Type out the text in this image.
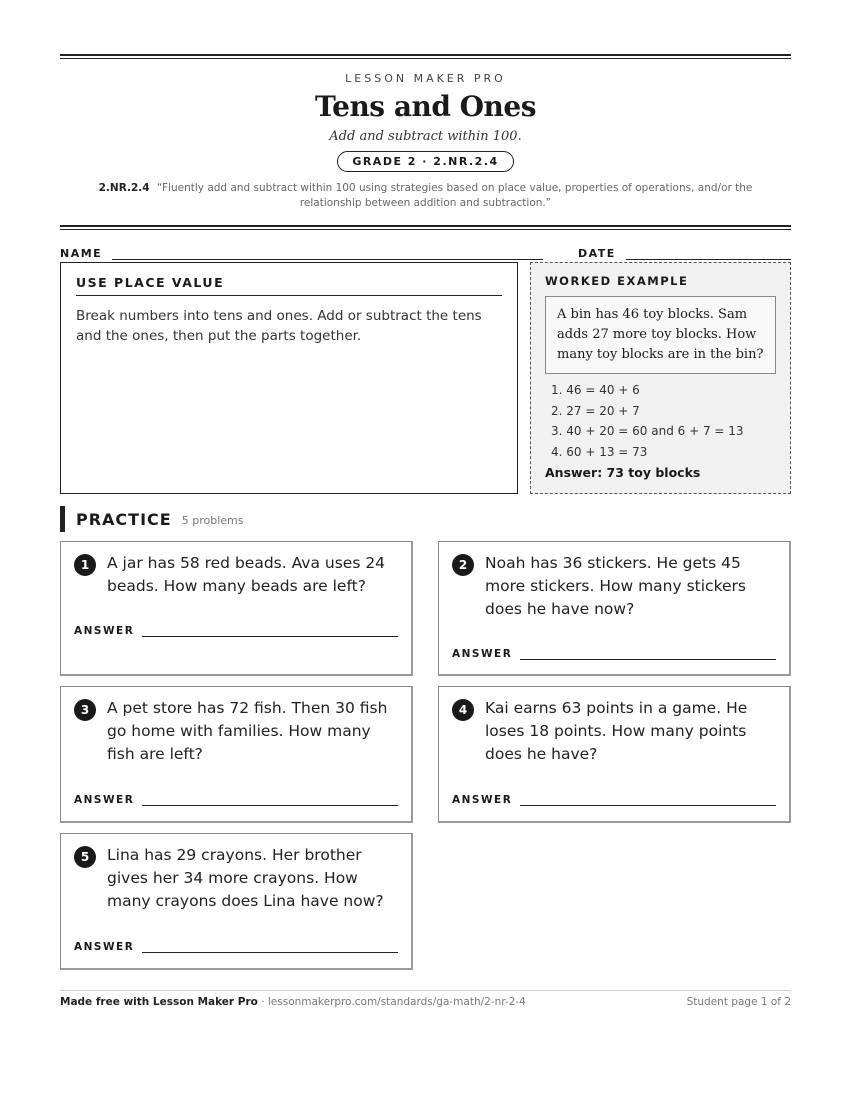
LESSON MAKER PRO
Tens and Ones
Add and subtract within 100.
GRADE 2 · 2.NR.2.4
2.NR.2.4 “Fluently add and subtract within 100 using strategies based on place value, properties of operations, and/or the relationship between addition and subtraction.”
NAME	DATE
USE PLACE VALUE
Break numbers into tens and ones. Add or subtract the tens and the ones, then put the parts together.
WORKED EXAMPLE
A bin has 46 toy blocks. Sam adds 27 more toy blocks. How many toy blocks are in the bin?
1. 46 = 40 + 6
2. 27 = 20 + 7
3. 40 + 20 = 60 and 6 + 7 = 13
4. 60 + 13 = 73
Answer: 73 toy blocks
PRACTICE 5 problems
1	A jar has 58 red beads. Ava uses 24 beads. How many beads are left?
ANSWER
2	Noah has 36 stickers. He gets 45 more stickers. How many stickers does he have now?
ANSWER
3	A pet store has 72 fish. Then 30 fish go home with families. How many fish are left?
ANSWER
4	Kai earns 63 points in a game. He loses 18 points. How many points does he have?
ANSWER
5	Lina has 29 crayons. Her brother gives her 34 more crayons. How many crayons does Lina have now?
ANSWER
Made free with Lesson Maker Pro · lessonmakerpro.com/standards/ga-math/2-nr-2-4	Student page 1 of 2
